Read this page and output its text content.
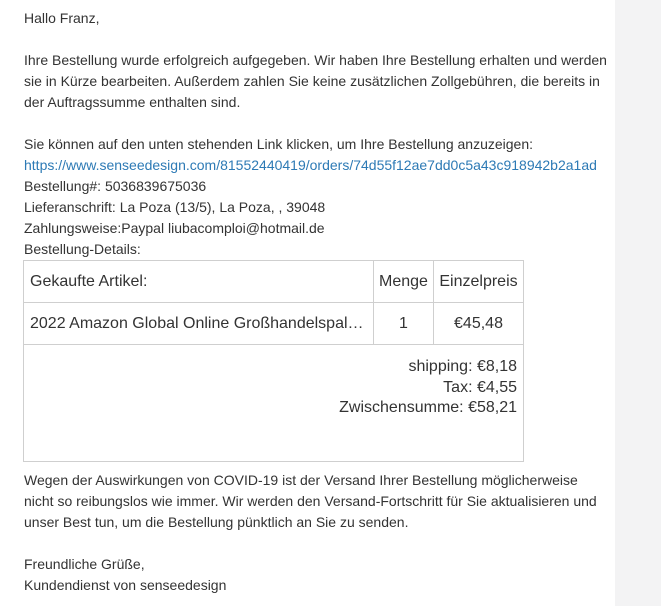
Hallo Franz,

Ihre Bestellung wurde erfolgreich aufgegeben. Wir haben Ihre Bestellung erhalten und werden sie in Kürze bearbeiten. Außerdem zahlen Sie keine zusätzlichen Zollgebühren, die bereits in der Auftragssumme enthalten sind.

Sie können auf den unten stehenden Link klicken, um Ihre Bestellung anzuzeigen:

https://www.senseedesign.com/81552440419/orders/74d55f12ae7dd0c5a43c918942b2a1ad

Bestellung#: 5036839675036

Lieferanschrift: La Poza (13/5), La Poza, , 39048

Zahlungsweise:Paypal liubacomploi@hotmail.de

Bestellung-Details:

Gekaufte Artikel:	Menge	Einzelpreis
2022 Amazon Global Online Großhandelspal…	1	€45,48

shipping: €8,18
Tax: €4,55
Zwischensumme: €58,21		

Wegen der Auswirkungen von COVID-19 ist der Versand Ihrer Bestellung möglicherweise nicht so reibungslos wie immer. Wir werden den Versand-Fortschritt für Sie aktualisieren und unser Best tun, um die Bestellung pünktlich an Sie zu senden.

Freundliche Grüße,

Kundendienst von senseedesign
